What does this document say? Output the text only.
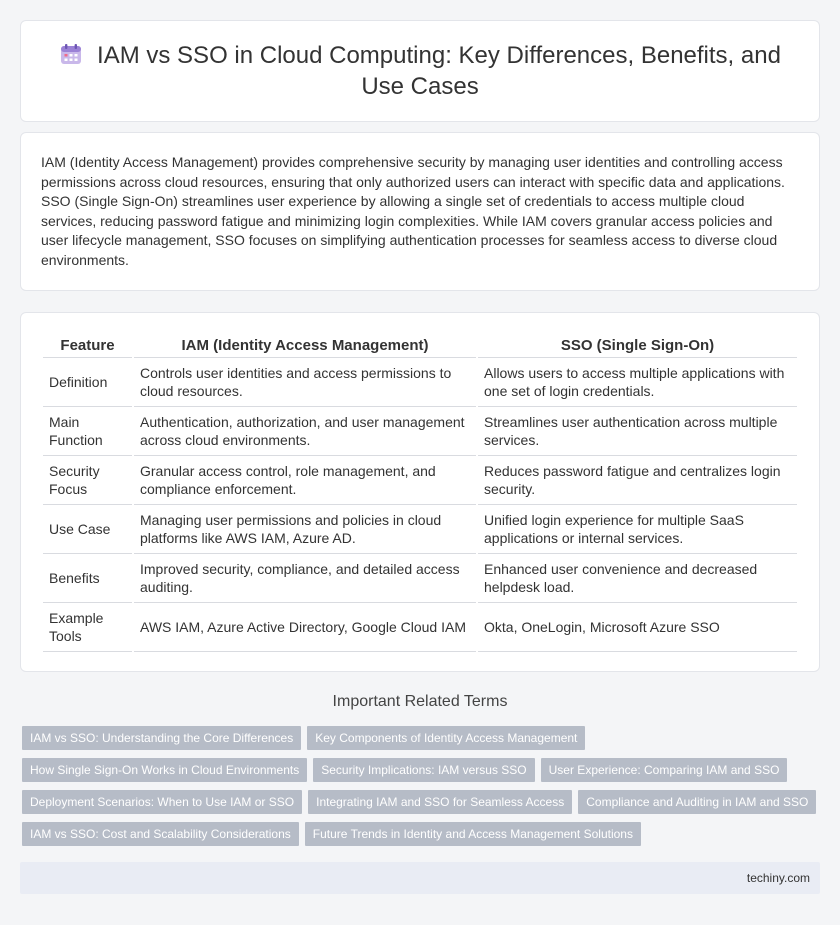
IAM vs SSO in Cloud Computing: Key Differences, Benefits, and Use Cases

IAM (Identity Access Management) provides comprehensive security by managing user identities and controlling access permissions across cloud resources, ensuring that only authorized users can interact with specific data and applications. SSO (Single Sign-On) streamlines user experience by allowing a single set of credentials to access multiple cloud services, reducing password fatigue and minimizing login complexities. While IAM covers granular access policies and user lifecycle management, SSO focuses on simplifying authentication processes for seamless access to diverse cloud environments.

Feature	IAM (Identity Access Management)	SSO (Single Sign-On)
Definition	Controls user identities and access permissions to cloud resources.	Allows users to access multiple applications with one set of login credentials.
Main Function	Authentication, authorization, and user management across cloud environments.	Streamlines user authentication across multiple services.
Security Focus	Granular access control, role management, and compliance enforcement.	Reduces password fatigue and centralizes login security.
Use Case	Managing user permissions and policies in cloud platforms like AWS IAM, Azure AD.	Unified login experience for multiple SaaS applications or internal services.
Benefits	Improved security, compliance, and detailed access auditing.	Enhanced user convenience and decreased helpdesk load.
Example Tools	AWS IAM, Azure Active Directory, Google Cloud IAM	Okta, OneLogin, Microsoft Azure SSO
Important Related Terms
IAM vs SSO: Understanding the Core Differences	Key Components of Identity Access Management
How Single Sign-On Works in Cloud Environments	Security Implications: IAM versus SSO	User Experience: Comparing IAM and SSO
Deployment Scenarios: When to Use IAM or SSO	Integrating IAM and SSO for Seamless Access	Compliance and Auditing in IAM and SSO
IAM vs SSO: Cost and Scalability Considerations	Future Trends in Identity and Access Management Solutions
techiny.com
